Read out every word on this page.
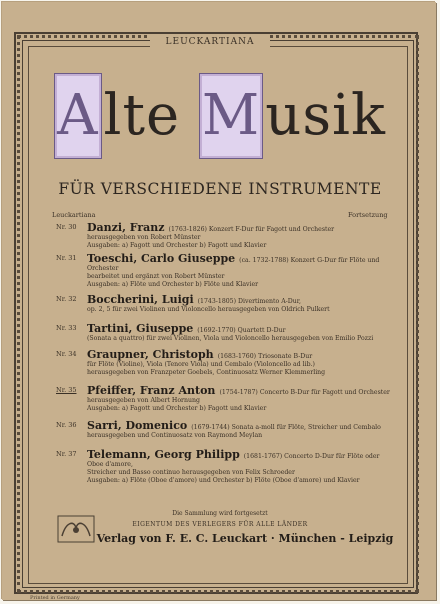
LEUCKARTIANA
Alte Musik
FÜR VERSCHIEDENE INSTRUMENTE
Leuckartiana	Fortsetzung
Nr. 30 Danzi, Franz (1763-1826) Konzert F-Dur für Fagott und Orchester
herausgegeben von Robert Münster
Ausgaben: a) Fagott und Orchester b) Fagott und Klavier
Nr. 31 Toeschi, Carlo Giuseppe (ca. 1732-1788) Konzert G-Dur für Flöte und Orchester
bearbeitet und ergänzt von Robert Münster
Ausgaben: a) Flöte und Orchester b) Flöte und Klavier
Nr. 32 Boccherini, Luigi (1743-1805) Divertimento A-Dur,
op. 2, 5 für zwei Violinen und Violoncello herausgegeben von Oldrich Pulkert
Nr. 33 Tartini, Giuseppe (1692-1770) Quartett D-Dur
(Sonata a quattro) für zwei Violinen, Viola und Violoncello herausgegeben von Emilio Pozzi
Nr. 34 Graupner, Christoph (1683-1760) Triosonate B-Dur
für Flöte (Violine), Viola (Tenore Viola) und Cembalo (Violoncello ad lib.)
herausgegeben von Franzpeter Goebels, Continuosatz Werner Klemmerling
Nr. 35 Pfeiffer, Franz Anton (1754-1787) Concerto B-Dur für Fagott und Orchester
herausgegeben von Albert Hornung
Ausgaben: a) Fagott und Orchester b) Fagott und Klavier
Nr. 36 Sarri, Domenico (1679-1744) Sonata a-moll für Flöte, Streicher und Cembalo
herausgegeben und Continuosatz von Raymond Meylan
Nr. 37 Telemann, Georg Philipp (1681-1767) Concerto D-Dur für Flöte oder Oboe d'amore,
Streicher und Basso continuo herausgegeben von Felix Schroeder
Ausgaben: a) Flöte (Oboe d'amore) und Orchester b) Flöte (Oboe d'amore) und Klavier
Die Sammlung wird fortgesetzt
EIGENTUM DES VERLEGERS FÜR ALLE LÄNDER
Verlag von F. E. C. Leuckart · München - Leipzig
Printed in Germany
